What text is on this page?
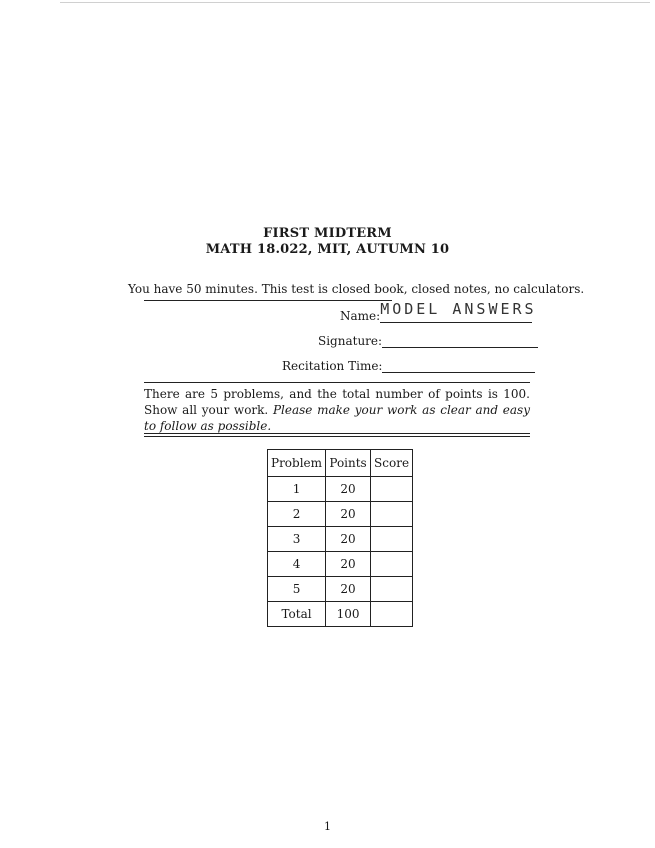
FIRST MIDTERM
MATH 18.022, MIT, AUTUMN 10
You have 50 minutes. This test is closed book, closed notes, no calculators.
Name:MODEL ANSWERS
Signature:
Recitation Time:
There are 5 problems, and the total number of points is 100. Show all your work. Please make your work as clear and easy to follow as possible.
Problem	Points	Score
1	20	
2	20	
3	20	
4	20	
5	20	
Total	100	
1
